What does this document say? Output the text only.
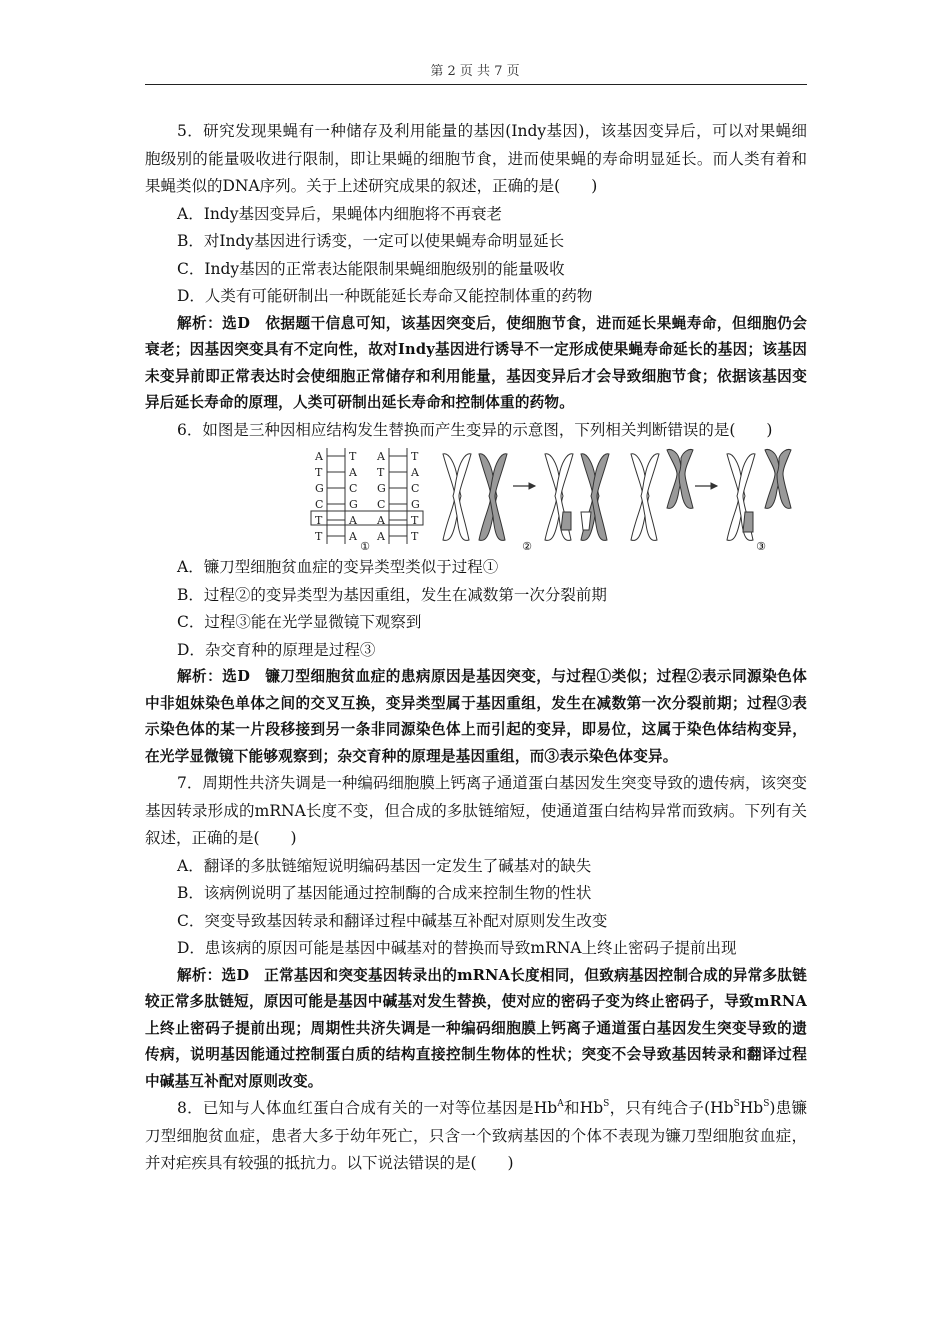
第 2 页 共 7 页

5．研究发现果蝇有一种储存及利用能量的基因(Indy基因)，该基因变异后，可以对果蝇细胞级别的能量吸收进行限制，即让果蝇的细胞节食，进而使果蝇的寿命明显延长。而人类有着和果蝇类似的DNA序列。关于上述研究成果的叙述，正确的是(　　)

A．Indy基因变异后，果蝇体内细胞将不再衰老

B．对Indy基因进行诱变，一定可以使果蝇寿命明显延长

C．Indy基因的正常表达能限制果蝇细胞级别的能量吸收

D．人类有可能研制出一种既能延长寿命又能控制体重的药物

解析：选D　依据题干信息可知，该基因突变后，使细胞节食，进而延长果蝇寿命，但细胞仍会衰老；因基因突变具有不定向性，故对Indy基因进行诱导不一定形成使果蝇寿命延长的基因；该基因未变异前即正常表达时会使细胞正常储存和利用能量，基因变异后才会导致细胞节食；依据该基因变异后延长寿命的原理，人类可研制出延长寿命和控制体重的药物。

6．如图是三种因相应结构发生替换而产生变异的示意图，下列相关判断错误的是(　　)

A
T
G
C
T
T
T
A
C
G
A
A
A
T
G
C
A
A
T
A
C
G
T
T
①	②	③

A．镰刀型细胞贫血症的变异类型类似于过程①

B．过程②的变异类型为基因重组，发生在减数第一次分裂前期

C．过程③能在光学显微镜下观察到

D．杂交育种的原理是过程③

解析：选D　镰刀型细胞贫血症的患病原因是基因突变，与过程①类似；过程②表示同源染色体中非姐妹染色单体之间的交叉互换，变异类型属于基因重组，发生在减数第一次分裂前期；过程③表示染色体的某一片段移接到另一条非同源染色体上而引起的变异，即易位，这属于染色体结构变异，在光学显微镜下能够观察到；杂交育种的原理是基因重组，而③表示染色体变异。

7．周期性共济失调是一种编码细胞膜上钙离子通道蛋白基因发生突变导致的遗传病，该突变基因转录形成的mRNA长度不变，但合成的多肽链缩短，使通道蛋白结构异常而致病。下列有关叙述，正确的是(　　)

A．翻译的多肽链缩短说明编码基因一定发生了碱基对的缺失

B．该病例说明了基因能通过控制酶的合成来控制生物的性状

C．突变导致基因转录和翻译过程中碱基互补配对原则发生改变

D．患该病的原因可能是基因中碱基对的替换而导致mRNA上终止密码子提前出现

解析：选D　正常基因和突变基因转录出的mRNA长度相同，但致病基因控制合成的异常多肽链较正常多肽链短，原因可能是基因中碱基对发生替换，使对应的密码子变为终止密码子，导致mRNA上终止密码子提前出现；周期性共济失调是一种编码细胞膜上钙离子通道蛋白基因发生突变导致的遗传病，说明基因能通过控制蛋白质的结构直接控制生物体的性状；突变不会导致基因转录和翻译过程中碱基互补配对原则改变。

8．已知与人体血红蛋白合成有关的一对等位基因是$Hb^A$和$Hb^S$，只有纯合子$(Hb^SHb^S)$患镰刀型细胞贫血症，患者大多于幼年死亡，只含一个致病基因的个体不表现为镰刀型细胞贫血症，并对疟疾具有较强的抵抗力。以下说法错误的是(　　)
